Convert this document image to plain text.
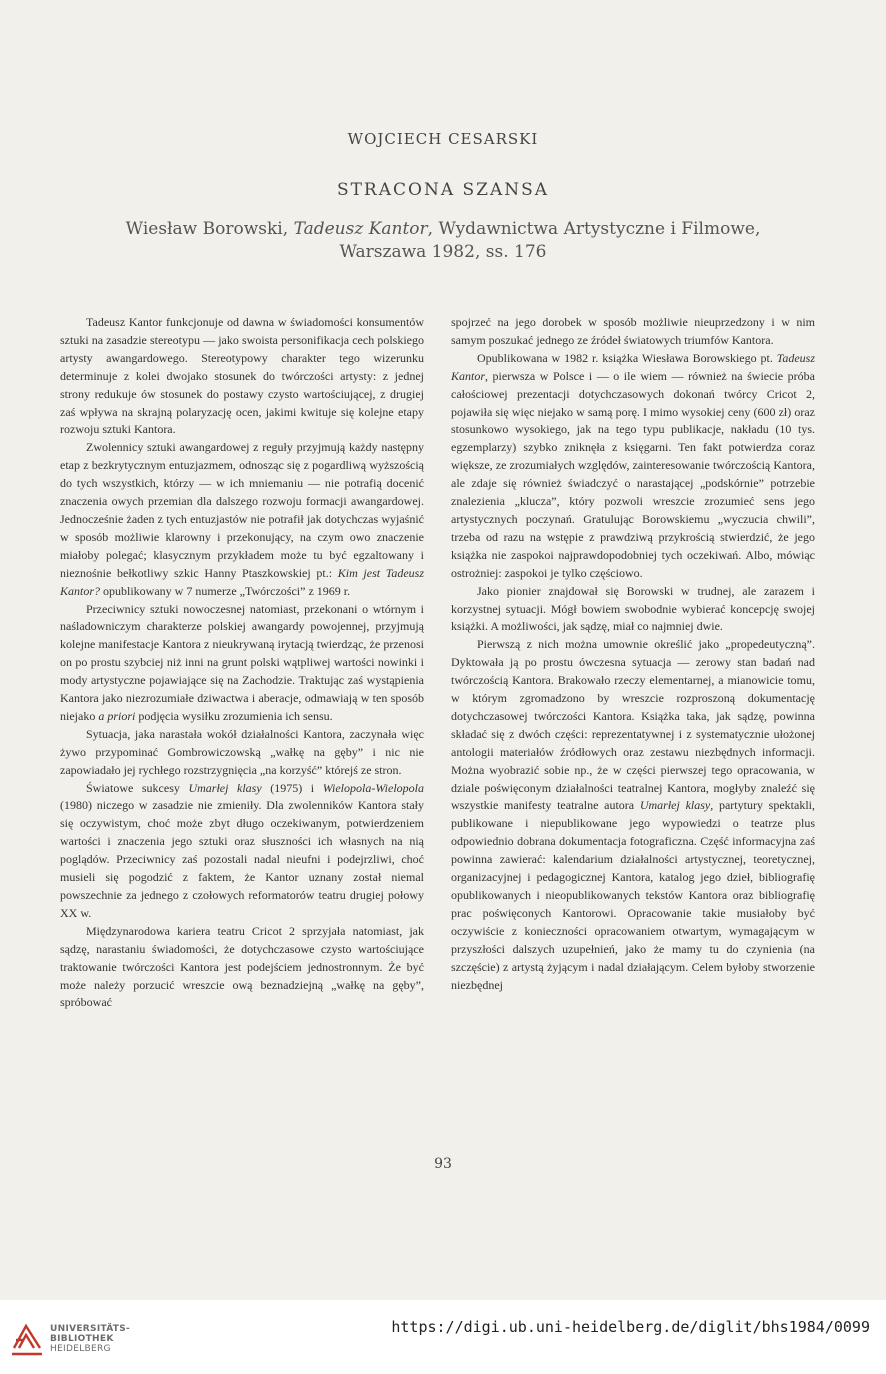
WOJCIECH CESARSKI
STRACONA SZANSA
Wiesław Borowski, Tadeusz Kantor, Wydawnictwa Artystyczne i Filmowe,
Warszawa 1982, ss. 176

Tadeusz Kantor funkcjonuje od dawna w świadomości konsumentów sztuki na zasadzie stereotypu — jako swoista personifikacja cech polskiego artysty awangardowego. Stereotypowy charakter tego wizerunku determinuje z kolei dwojako stosunek do twórczości artysty: z jednej strony redukuje ów stosunek do postawy czysto wartościującej, z drugiej zaś wpływa na skrajną polaryzację ocen, jakimi kwituje się kolejne etapy rozwoju sztuki Kantora.

Zwolennicy sztuki awangardowej z reguły przyjmują każdy następny etap z bezkrytycznym entuzjazmem, odnosząc się z pogardliwą wyższością do tych wszystkich, którzy — w ich mniemaniu — nie potrafią docenić znaczenia owych przemian dla dalszego rozwoju formacji awangardowej. Jednocześnie żaden z tych entuzjastów nie potrafił jak dotychczas wyjaśnić w sposób możliwie klarowny i przekonujący, na czym owo znaczenie miałoby polegać; klasycznym przykładem może tu być egzaltowany i nieznośnie bełkotliwy szkic Hanny Ptaszkowskiej pt.: Kim jest Tadeusz Kantor? opublikowany w 7 numerze „Twórczości” z 1969 r.

Przeciwnicy sztuki nowoczesnej natomiast, przekonani o wtórnym i naśladowniczym charakterze polskiej awangardy powojennej, przyjmują kolejne manifestacje Kantora z nieukrywaną irytacją twierdząc, że przenosi on po prostu szybciej niż inni na grunt polski wątpliwej wartości nowinki i mody artystyczne pojawiające się na Zachodzie. Traktując zaś wystąpienia Kantora jako niezrozumiałe dziwactwa i aberacje, odmawiają w ten sposób niejako a priori podjęcia wysiłku zrozumienia ich sensu.

Sytuacja, jaka narastała wokół działalności Kantora, zaczynała więc żywo przypominać Gombrowiczowską „wałkę na gęby” i nic nie zapowiadało jej rychłego rozstrzygnięcia „na korzyść” którejś ze stron.

Światowe sukcesy Umarłej klasy (1975) i Wielopola-Wielopola (1980) niczego w zasadzie nie zmieniły. Dla zwolenników Kantora stały się oczywistym, choć może zbyt długo oczekiwanym, potwierdzeniem wartości i znaczenia jego sztuki oraz słuszności ich własnych na nią poglądów. Przeciwnicy zaś pozostali nadal nieufni i podejrzliwi, choć musieli się pogodzić z faktem, że Kantor uznany został niemal powszechnie za jednego z czołowych reformatorów teatru drugiej połowy XX w.

Międzynarodowa kariera teatru Cricot 2 sprzyjała natomiast, jak sądzę, narastaniu świadomości, że dotychczasowe czysto wartościujące traktowanie twórczości Kantora jest podejściem jednostronnym. Że być może należy porzucić wreszcie ową beznadziejną „wałkę na gęby”, spróbować

spojrzeć na jego dorobek w sposób możliwie nieuprzedzony i w nim samym poszukać jednego ze źródeł światowych triumfów Kantora.

Opublikowana w 1982 r. książka Wiesława Borowskiego pt. Tadeusz Kantor, pierwsza w Polsce i — o ile wiem — również na świecie próba całościowej prezentacji dotychczasowych dokonań twórcy Cricot 2, pojawiła się więc niejako w samą porę. I mimo wysokiej ceny (600 zł) oraz stosunkowo wysokiego, jak na tego typu publikacje, nakładu (10 tys. egzemplarzy) szybko zniknęła z księgarni. Ten fakt potwierdza coraz większe, ze zrozumiałych względów, zainteresowanie twórczością Kantora, ale zdaje się również świadczyć o narastającej „podskórnie” potrzebie znalezienia „klucza”, który pozwoli wreszcie zrozumieć sens jego artystycznych poczynań. Gratulując Borowskiemu „wyczucia chwili”, trzeba od razu na wstępie z prawdziwą przykrością stwierdzić, że jego książka nie zaspokoi najprawdopodobniej tych oczekiwań. Albo, mówiąc ostrożniej: zaspokoi je tylko częściowo.

Jako pionier znajdował się Borowski w trudnej, ale zarazem i korzystnej sytuacji. Mógł bowiem swobodnie wybierać koncepcję swojej książki. A możliwości, jak sądzę, miał co najmniej dwie.

Pierwszą z nich można umownie określić jako „propedeutyczną”. Dyktowała ją po prostu ówczesna sytuacja — zerowy stan badań nad twórczością Kantora. Brakowało rzeczy elementarnej, a mianowicie tomu, w którym zgromadzono by wreszcie rozproszoną dokumentację dotychczasowej twórczości Kantora. Książka taka, jak sądzę, powinna składać się z dwóch części: reprezentatywnej i z systematycznie ułożonej antologii materiałów źródłowych oraz zestawu niezbędnych informacji. Można wyobrazić sobie np., że w części pierwszej tego opracowania, w dziale poświęconym działalności teatralnej Kantora, mogłyby znaleźć się wszystkie manifesty teatralne autora Umarłej klasy, partytury spektakli, publikowane i niepublikowane jego wypowiedzi o teatrze plus odpowiednio dobrana dokumentacja fotograficzna. Część informacyjna zaś powinna zawierać: kalendarium działalności artystycznej, teoretycznej, organizacyjnej i pedagogicznej Kantora, katalog jego dzieł, bibliografię opublikowanych i nieopublikowanych tekstów Kantora oraz bibliografię prac poświęconych Kantorowi. Opracowanie takie musiałoby być oczywiście z konieczności opracowaniem otwartym, wymagającym w przyszłości dalszych uzupełnień, jako że mamy tu do czynienia (na szczęście) z artystą żyjącym i nadal działającym. Celem byłoby stworzenie niezbędnej

93
UNIVERSITÄTS-
BIBLIOTHEK
HEIDELBERG
https://digi.ub.uni-heidelberg.de/diglit/bhs1984/0099
